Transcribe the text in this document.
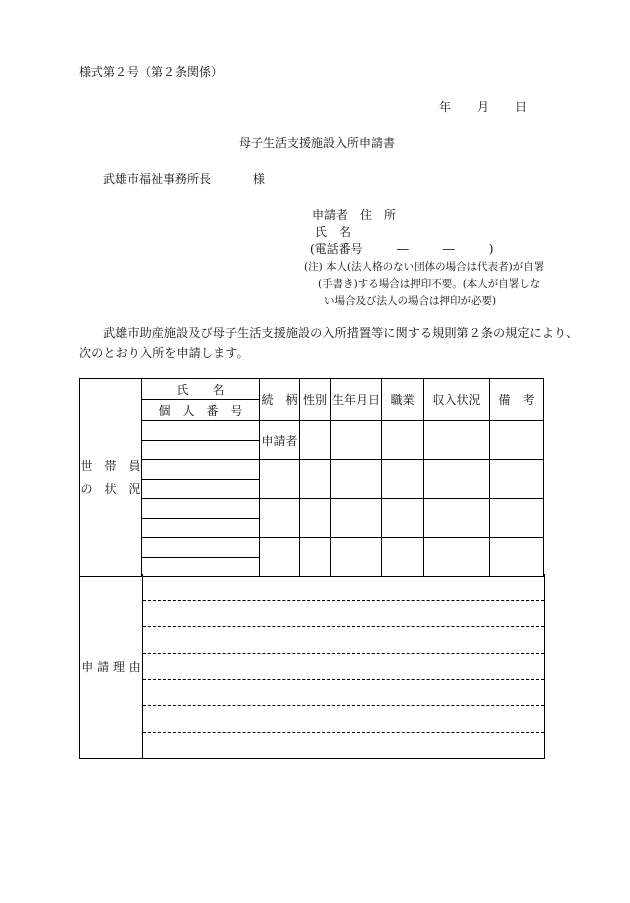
様式第２号（第２条関係）
年 月 日
母子生活支援施設入所申請書
武雄市福祉事務所長	様
申請者　住　所
氏　名
(電話番号	―	―	)
(注) 本人(法人格のない団体の場合は代表者)が自署
(手書き)する場合は押印不要。(本人が自署しな
い場合及び法人の場合は押印が必要)
武雄市助産施設及び母子生活支援施設の入所措置等に関する規則第２条の規定により、
次のとおり入所を申請します。
世　帯　員
の　状　況	氏　　名	続　柄	性別	生年月日	職業	収入状況	備　考
	個　人　番　号						
		申請者					

申 請 理 由
